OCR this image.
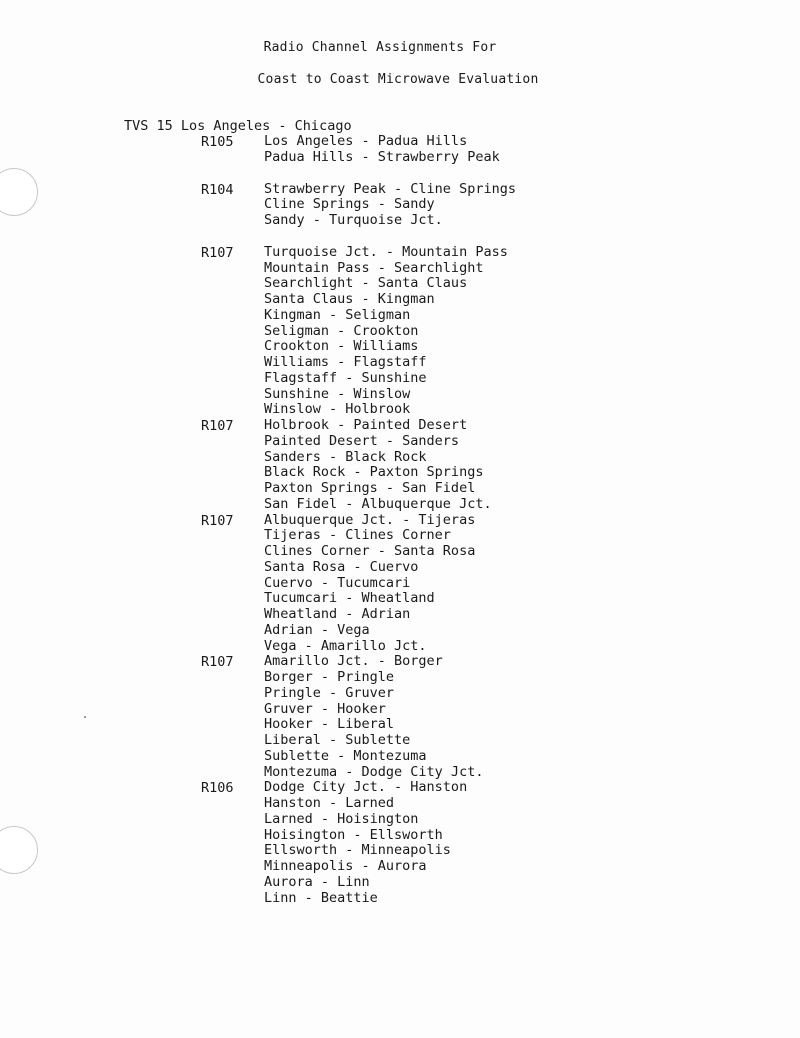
Radio Channel Assignments For
Coast to Coast Microwave Evaluation
TVS 15 Los Angeles - Chicago
R105 Los Angeles - Padua Hills
Padua Hills - Strawberry Peak
R104 Strawberry Peak - Cline Springs
Cline Springs - Sandy
Sandy - Turquoise Jct.
R107 Turquoise Jct. - Mountain Pass
Mountain Pass - Searchlight
Searchlight - Santa Claus
Santa Claus - Kingman
Kingman - Seligman
Seligman - Crookton
Crookton - Williams
Williams - Flagstaff
Flagstaff - Sunshine
Sunshine - Winslow
Winslow - Holbrook
R107 Holbrook - Painted Desert
Painted Desert - Sanders
Sanders - Black Rock
Black Rock - Paxton Springs
Paxton Springs - San Fidel
San Fidel - Albuquerque Jct.
R107 Albuquerque Jct. - Tijeras
Tijeras - Clines Corner
Clines Corner - Santa Rosa
Santa Rosa - Cuervo
Cuervo - Tucumcari
Tucumcari - Wheatland
Wheatland - Adrian
Adrian - Vega
Vega - Amarillo Jct.
R107 Amarillo Jct. - Borger
Borger - Pringle
Pringle - Gruver
Gruver - Hooker
Hooker - Liberal
Liberal - Sublette
Sublette - Montezuma
Montezuma - Dodge City Jct.
R106 Dodge City Jct. - Hanston
Hanston - Larned
Larned - Hoisington
Hoisington - Ellsworth
Ellsworth - Minneapolis
Minneapolis - Aurora
Aurora - Linn
Linn - Beattie
